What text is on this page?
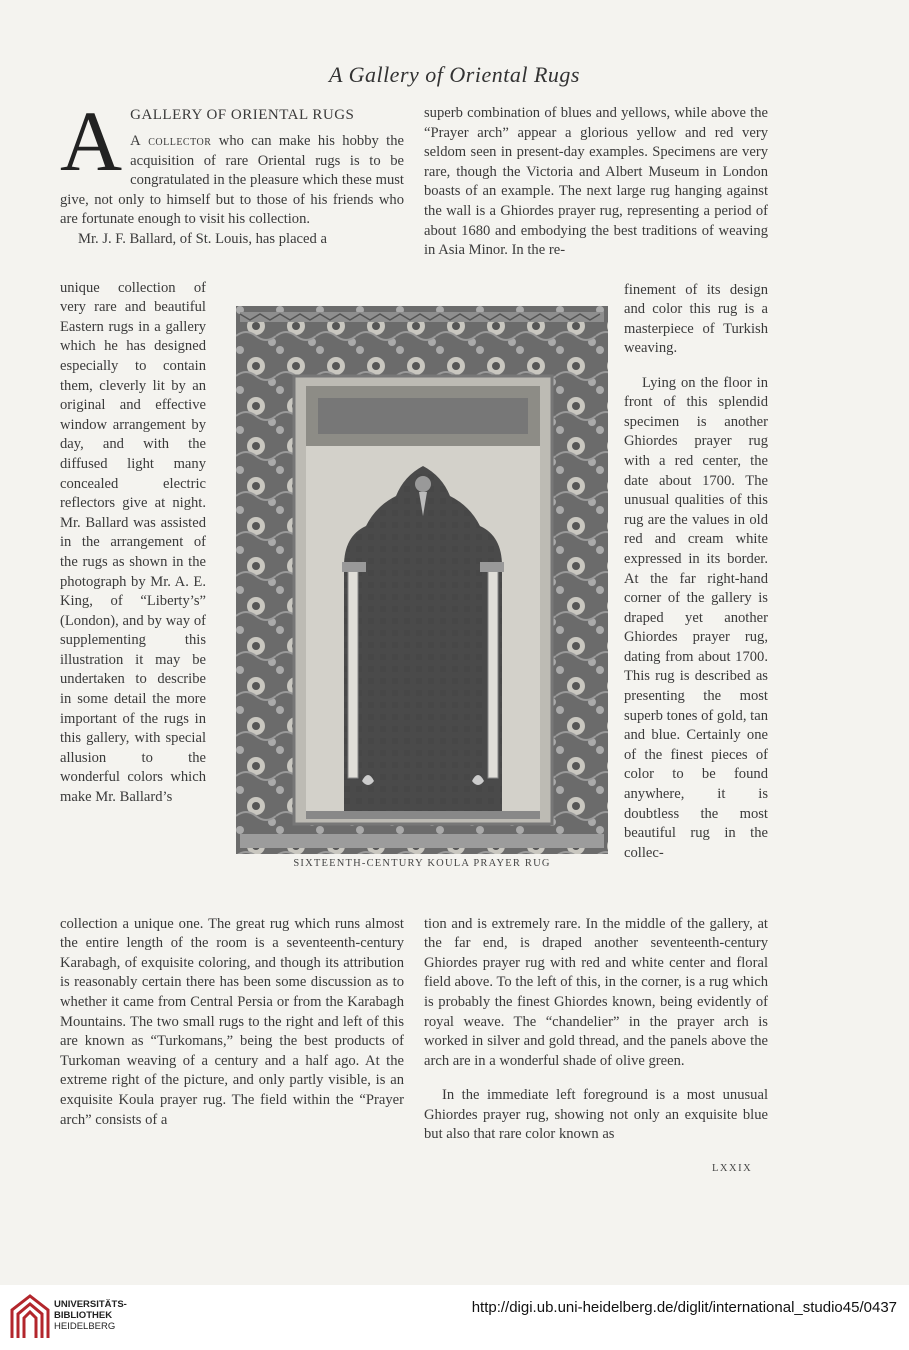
A Gallery of Oriental Rugs
A GALLERY OF ORIENTAL RUGS

A collector who can make his hobby the acquisition of rare Oriental rugs is to be congratulated in the pleasure which these must give, not only to himself but to those of his friends who are fortunate enough to visit his collection.

Mr. J. F. Ballard, of St. Louis, has placed a

unique collection of very rare and beautiful Eastern rugs in a gallery which he has designed especially to contain them, cleverly lit by an original and effective window arrangement by day, and with the diffused light many concealed electric reflectors give at night. Mr. Ballard was assisted in the arrangement of the rugs as shown in the photograph by Mr. A. E. King, of “Liberty’s” (London), and by way of supplementing this illustration it may be undertaken to describe in some detail the more important of the rugs in this gallery, with special allusion to the wonderful colors which make Mr. Ballard’s

collection a unique one. The great rug which runs almost the entire length of the room is a seventeenth-century Karabagh, of exquisite coloring, and though its attribution is reasonably certain there has been some discussion as to whether it came from Central Persia or from the Karabagh Mountains. The two small rugs to the right and left of this are known as “Turkomans,” being the best products of Turkoman weaving of a century and a half ago. At the extreme right of the picture, and only partly visible, is an exquisite Koula prayer rug. The field within the “Prayer arch” consists of a

superb combination of blues and yellows, while above the “Prayer arch” appear a glorious yellow and red very seldom seen in present-day examples. Specimens are very rare, though the Victoria and Albert Museum in London boasts of an example. The next large rug hanging against the wall is a Ghiordes prayer rug, representing a period of about 1680 and embodying the best traditions of weaving in Asia Minor. In the re-

finement of its design and color this rug is a masterpiece of Turkish weaving.

Lying on the floor in front of this splendid specimen is another Ghiordes prayer rug with a red center, the date about 1700. The unusual qualities of this rug are the values in old red and cream white expressed in its border. At the far right-hand corner of the gallery is draped yet another Ghiordes prayer rug, dating from about 1700. This rug is described as presenting the most superb tones of gold, tan and blue. Certainly one of the finest pieces of color to be found anywhere, it is doubtless the most beautiful rug in the collec-

tion and is extremely rare. In the middle of the gallery, at the far end, is draped another seventeenth-century Ghiordes prayer rug with red and white center and floral field above. To the left of this, in the corner, is a rug which is probably the finest Ghiordes known, being evidently of royal weave. The “chandelier” in the prayer arch is worked in silver and gold thread, and the panels above the arch are in a wonderful shade of olive green.

In the immediate left foreground is a most unusual Ghiordes prayer rug, showing not only an exquisite blue but also that rare color known as

SIXTEENTH-CENTURY KOULA PRAYER RUG
LXXIX
UNIVERSITÄTS-
BIBLIOTHEK
HEIDELBERG
http://digi.ub.uni-heidelberg.de/diglit/international_studio45/0437
